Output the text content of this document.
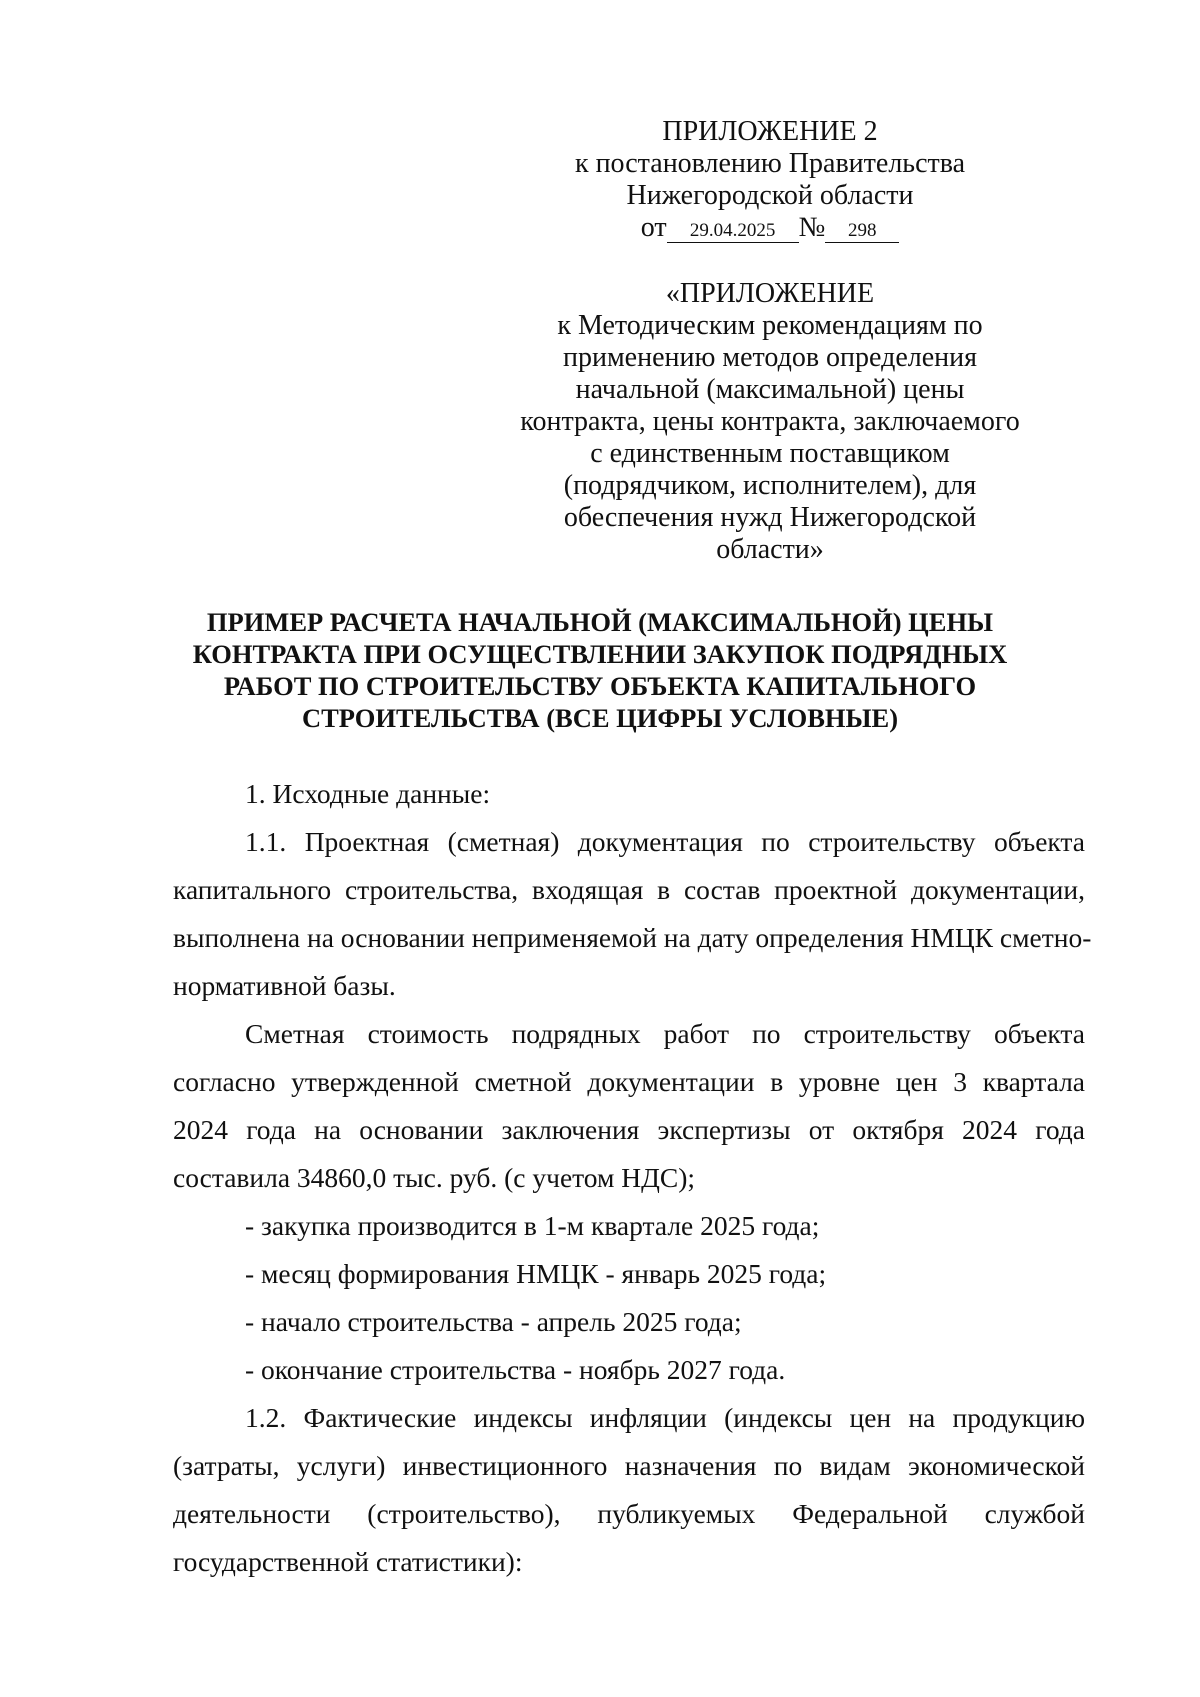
ПРИЛОЖЕНИЕ 2
к постановлению Правительства
Нижегородской области
от 29.04.2025 № 298
«ПРИЛОЖЕНИЕ
к Методическим рекомендациям по
применению методов определения
начальной (максимальной) цены
контракта, цены контракта, заключаемого
с единственным поставщиком
(подрядчиком, исполнителем), для
обеспечения нужд Нижегородской
области»
ПРИМЕР РАСЧЕТА НАЧАЛЬНОЙ (МАКСИМАЛЬНОЙ) ЦЕНЫ
КОНТРАКТА ПРИ ОСУЩЕСТВЛЕНИИ ЗАКУПОК ПОДРЯДНЫХ
РАБОТ ПО СТРОИТЕЛЬСТВУ ОБЪЕКТА КАПИТАЛЬНОГО
СТРОИТЕЛЬСТВА (ВСЕ ЦИФРЫ УСЛОВНЫЕ)
1. Исходные данные:
1.1. Проектная (сметная) документация по строительству объекта
капитального строительства, входящая в состав проектной документации,
выполнена на основании неприменяемой на дату определения НМЦК сметно-
нормативной базы.
Сметная стоимость подрядных работ по строительству объекта
согласно утвержденной сметной документации в уровне цен 3 квартала
2024 года на основании заключения экспертизы от октября 2024 года
составила 34860,0 тыс. руб. (с учетом НДС);
- закупка производится в 1-м квартале 2025 года;
- месяц формирования НМЦК - январь 2025 года;
- начало строительства - апрель 2025 года;
- окончание строительства - ноябрь 2027 года.
1.2. Фактические индексы инфляции (индексы цен на продукцию
(затраты, услуги) инвестиционного назначения по видам экономической
деятельности (строительство), публикуемых Федеральной службой
государственной статистики):
